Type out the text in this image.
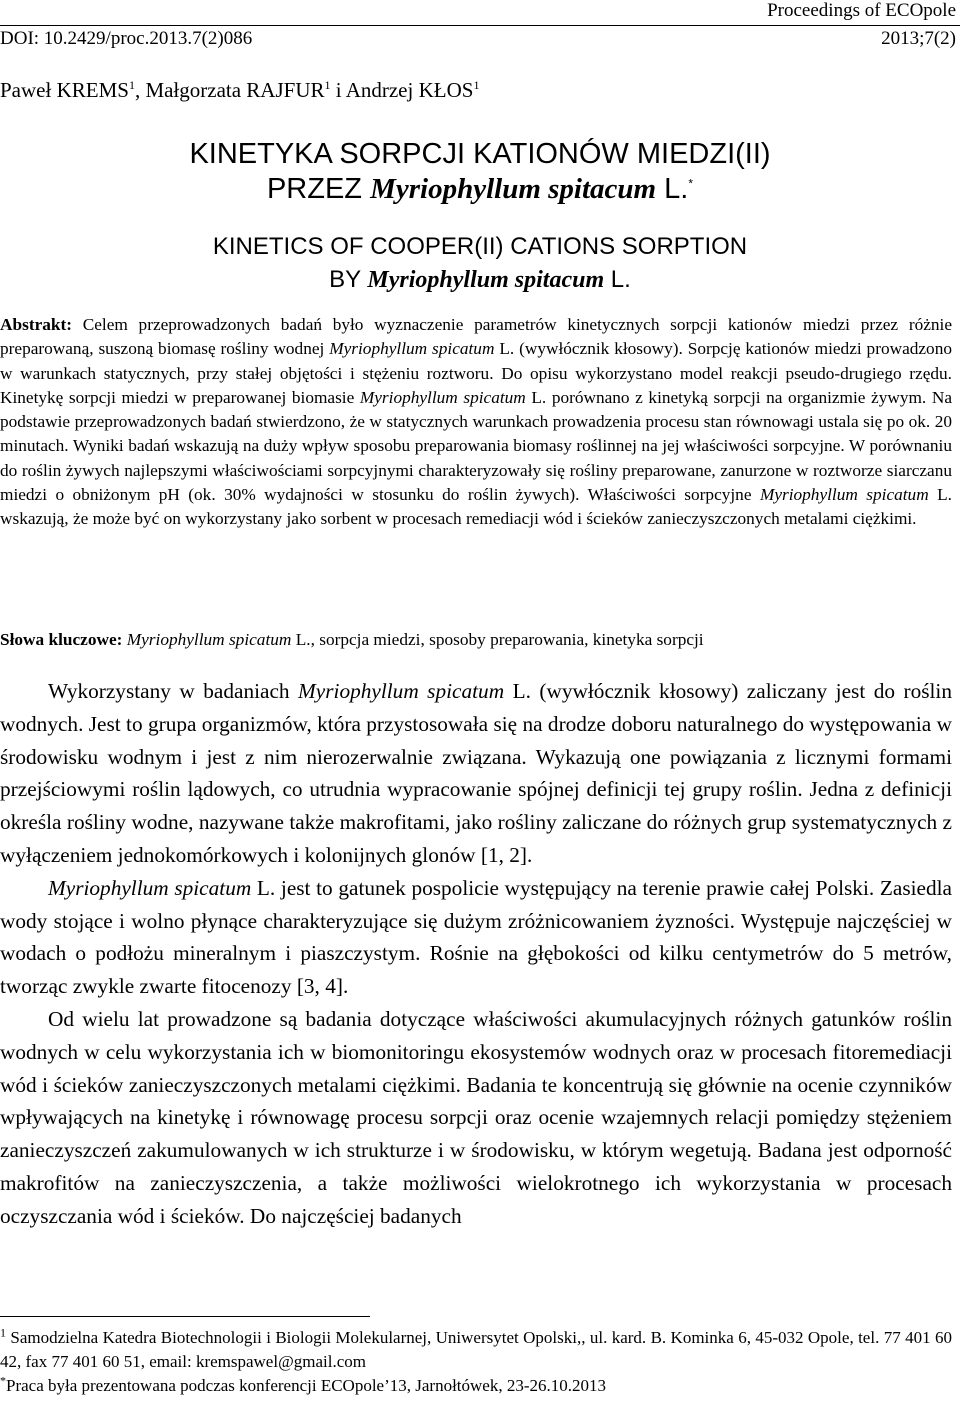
Proceedings of ECOpole
DOI: 10.2429/proc.2013.7(2)086	2013;7(2)
Paweł KREMS$^1$, Małgorzata RAJFUR$^1$ i Andrzej KŁOS$^1$
KINETYKA SORPCJI KATIONÓW MIEDZI(II)
PRZEZ Myriophyllum spitacum L.*
KINETICS OF COOPER(II) CATIONS SORPTION
BY Myriophyllum spitacum L.
Abstrakt: Celem przeprowadzonych badań było wyznaczenie parametrów kinetycznych sorpcji kationów miedzi przez różnie preparowaną, suszoną biomasę rośliny wodnej Myriophyllum spicatum L. (wywłócznik kłosowy). Sorpcję kationów miedzi prowadzono w warunkach statycznych, przy stałej objętości i stężeniu roztworu. Do opisu wykorzystano model reakcji pseudo-drugiego rzędu. Kinetykę sorpcji miedzi w preparowanej biomasie Myriophyllum spicatum L. porównano z kinetyką sorpcji na organizmie żywym. Na podstawie przeprowadzonych badań stwierdzono, że w statycznych warunkach prowadzenia procesu stan równowagi ustala się po ok. 20 minutach. Wyniki badań wskazują na duży wpływ sposobu preparowania biomasy roślinnej na jej właściwości sorpcyjne. W porównaniu do roślin żywych najlepszymi właściwościami sorpcyjnymi charakteryzowały się rośliny preparowane, zanurzone w roztworze siarczanu miedzi o obniżonym pH (ok. 30% wydajności w stosunku do roślin żywych). Właściwości sorpcyjne Myriophyllum spicatum L. wskazują, że może być on wykorzystany jako sorbent w procesach remediacji wód i ścieków zanieczyszczonych metalami ciężkimi.
Słowa kluczowe: Myriophyllum spicatum L., sorpcja miedzi, sposoby preparowania, kinetyka sorpcji

Wykorzystany w badaniach Myriophyllum spicatum L. (wywłócznik kłosowy) zaliczany jest do roślin wodnych. Jest to grupa organizmów, która przystosowała się na drodze doboru naturalnego do występowania w środowisku wodnym i jest z nim nierozerwalnie związana. Wykazują one powiązania z licznymi formami przejściowymi roślin lądowych, co utrudnia wypracowanie spójnej definicji tej grupy roślin. Jedna z definicji określa rośliny wodne, nazywane także makrofitami, jako rośliny zaliczane do różnych grup systematycznych z wyłączeniem jednokomórkowych i kolonijnych glonów [1, 2].

Myriophyllum spicatum L. jest to gatunek pospolicie występujący na terenie prawie całej Polski. Zasiedla wody stojące i wolno płynące charakteryzujące się dużym zróżnicowaniem żyzności. Występuje najczęściej w wodach o podłożu mineralnym i piaszczystym. Rośnie na głębokości od kilku centymetrów do 5 metrów, tworząc zwykle zwarte fitocenozy [3, 4].

Od wielu lat prowadzone są badania dotyczące właściwości akumulacyjnych różnych gatunków roślin wodnych w celu wykorzystania ich w biomonitoringu ekosystemów wodnych oraz w procesach fitoremediacji wód i ścieków zanieczyszczonych metalami ciężkimi. Badania te koncentrują się głównie na ocenie czynników wpływających na kinetykę i równowagę procesu sorpcji oraz ocenie wzajemnych relacji pomiędzy stężeniem zanieczyszczeń zakumulowanych w ich strukturze i w środowisku, w którym wegetują. Badana jest odporność makrofitów na zanieczyszczenia, a także możliwości wielokrotnego ich wykorzystania w procesach oczyszczania wód i ścieków. Do najczęściej badanych

$^1$ Samodzielna Katedra Biotechnologii i Biologii Molekularnej, Uniwersytet Opolski,, ul. kard. B. Kominka 6, 45-032 Opole, tel. 77 401 60 42, fax 77 401 60 51, email: kremspawel@gmail.com

*Praca była prezentowana podczas konferencji ECOpole’13, Jarnołtówek, 23-26.10.2013
